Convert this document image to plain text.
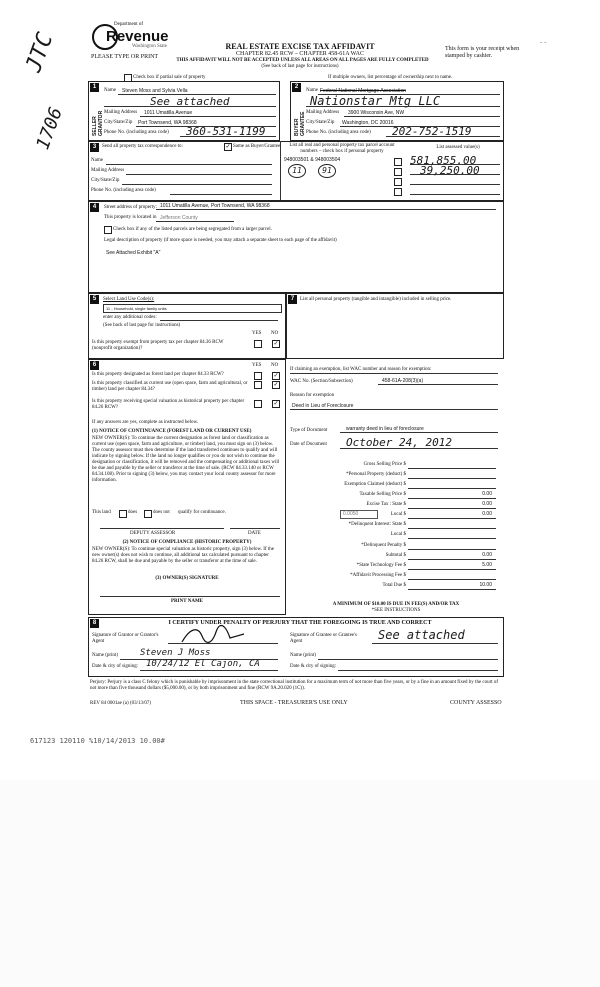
JTC
1706
- -
Department of
Revenue
Washington State
PLEASE TYPE OR PRINT
REAL ESTATE EXCISE TAX AFFIDAVIT
CHAPTER 82.45 RCW – CHAPTER 458-61A WAC
THIS AFFIDAVIT WILL NOT BE ACCEPTED UNLESS ALL AREAS ON ALL PAGES ARE FULLY COMPLETED
(See back of last page for instructions)
This form is your receipt when stamped by cashier.
Check box if partial sale of property	If multiple owners, list percentage of ownership next to name.
1
SELLER GRANTOR
Name Steven Moss and Sylvia Vella
See attached
Mailing Address 1011 Umatilla Avenue
City/State/Zip Port Townsend, WA 98368
Phone No. (including area code) 360-531-1199
2
BUYER GRANTEE
Name Federal National Mortgage Association
Nationstar Mtg LLC
Mailing Address 3900 Wisconsin Ave, NW
City/State/Zip Washington, DC 20016
Phone No. (including area code) 202-752-1519
3	Send all property tax correspondence to:	✓ Same as Buyer/Grantee
Name
Mailing Address
City/State/Zip
Phone No. (including area code)
List all real and personal property tax parcel account numbers – check box if personal property
List assessed value(s)
948003501 & 948003504
11	91
581,855.00
39,250.00
4	Street address of property: 1011 Umatilla Avenue, Port Townsend, WA 98368
This property is located in Jefferson County
Check box if any of the listed parcels are being segregated from a larger parcel.
Legal description of property (if more space is needed, you may attach a separate sheet to each page of the affidavit)
See Attached Exhibit "A"
5	Select Land Use Code(s):
11 - Household, single family units
enter any additional codes:
(See back of last page for instructions)
YES NO
Is this property exempt from property tax per chapter 84.36 RCW (nonprofit organization)?
✓
7	List all personal property (tangible and intangible) included in selling price.
6	YES NO
Is this property designated as forest land per chapter 84.33 RCW?	✓
Is this property classified as current use (open space, farm and agricultural, or timber) land per chapter 84.34?
✓
Is this property receiving special valuation as historical property per chapter 84.26 RCW?
✓
If any answers are yes, complete as instructed below.
(1) NOTICE OF CONTINUANCE (FOREST LAND OR CURRENT USE)
NEW OWNER(S): To continue the current designation as forest land or classification as current use (open space, farm and agriculture, or timber) land, you must sign on (3) below. The county assessor must then determine if the land transferred continues to qualify and will indicate by signing below. If the land no longer qualifies or you do not wish to continue the designation or classification, it will be removed and the compensating or additional taxes will be due and payable by the seller or transferor at the time of sale. (RCW 84.33.140 or RCW 84.34.108). Prior to signing (3) below, you may contact your local county assessor for more information.
This land	does	does not qualify for continuance.
DEPUTY ASSESSOR	DATE
(2) NOTICE OF COMPLIANCE (HISTORIC PROPERTY)
NEW OWNER(S): To continue special valuation as historic property, sign (3) below. If the new owner(s) does not wish to continue, all additional tax calculated pursuant to chapter 84.26 RCW, shall be due and payable by the seller or transferor at the time of sale.
(3) OWNER(S) SIGNATURE
PRINT NAME
If claiming an exemption, list WAC number and reason for exemption:
WAC No. (Section/Subsection)	458-61A-208(3)(a)
Reason for exemption
Deed in Lieu of Foreclosure
Type of Document	warranty deed in lieu of foreclosure
Date of Document October 24, 2012
Gross Selling Price $
*Personal Property (deduct) $
Exemption Claimed (deduct) $
Taxable Selling Price $	0.00
Excise Tax : State $	0.00
0.0050	Local $	0.00
*Delinquent Interest: State $
Local $
*Delinquent Penalty $
Subtotal $	0.00
*State Technology Fee $	5.00
*Affidavit Processing Fee $
Total Due $	10.00
A MINIMUM OF $10.00 IS DUE IN FEE(S) AND/OR TAX
*SEE INSTRUCTIONS
8	I CERTIFY UNDER PENALTY OF PERJURY THAT THE FOREGOING IS TRUE AND CORRECT
Signature of Grantor or Grantor's Agent
Name (print) Steven J Moss
Date & city of signing: 10/24/12 El Cajon, CA
Signature of Grantee or Grantee's Agent	See attached
Name (print)
Date & city of signing:
Perjury: Perjury is a class C felony which is punishable by imprisonment in the state correctional institution for a maximum term of not more than five years, or by a fine in an amount fixed by the court of not more than five thousand dollars ($5,000.00), or by both imprisonment and fine (RCW 9A.20.020 (1C)).
REV 84 0001ae (a) (03/13/07)	THIS SPACE - TREASURER'S USE ONLY	COUNTY ASSESSO
617123 120110 %10/14/2013 10.00#
